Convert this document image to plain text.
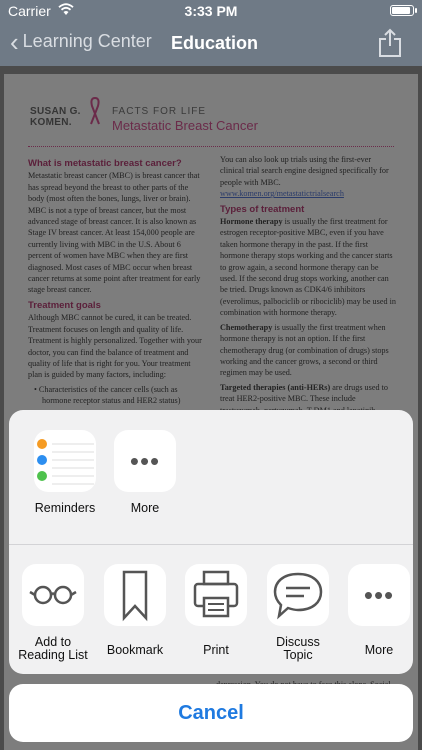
Carrier	3:33 PM
‹ Learning Center Education
SUSAN G.
KOMEN.
FACTS FOR LIFE
Metastatic Breast Cancer
What is metastatic breast cancer?

Metastatic breast cancer (MBC) is breast cancer that has spread beyond the breast to other parts of the body (most often the bones, lungs, liver or brain). MBC is not a type of breast cancer, but the most advanced stage of breast cancer. It is also known as Stage IV breast cancer. At least 154,000 people are currently living with MBC in the U.S. About 6 percent of women have MBC when they are first diagnosed. Most cases of MBC occur when breast cancer returns at some point after treatment for early stage breast cancer.

Treatment goals

Although MBC cannot be cured, it can be treated. Treatment focuses on length and quality of life. Treatment is highly personalized. Together with your doctor, you can find the balance of treatment and quality of life that is right for you. Your treatment plan is guided by many factors, including:

• Characteristics of the cancer cells (such as hormone receptor status and HER2 status)
•
•

You can also look up trials using the first-ever clinical trial search engine designed specifically for people with MBC. www.komen.org/metastatictrialsearch

Types of treatment

Hormone therapy is usually the first treatment for estrogen receptor-positive MBC, even if you have taken hormone therapy in the past. If the first hormone therapy stops working and the cancer starts to grow again, a second hormone therapy can be used. If the second drug stops working, another can be tried. Drugs known as CDK4/6 inhibitors (everolimus, palbociclib or ribociclib) may be used in combination with hormone therapy.

Chemotherapy is usually the first treatment when hormone therapy is not an option. If the first chemotherapy drug (or combination of drugs) stops working and the cancer grows, a second or third regimen may be used.

Targeted therapies (anti-HERs) are drugs used to treat HER2-positive MBC. These include

Reminders
•••
More
Add to
Reading List	Bookmark	Print
Discuss
Topic
•••
More
Cancel
